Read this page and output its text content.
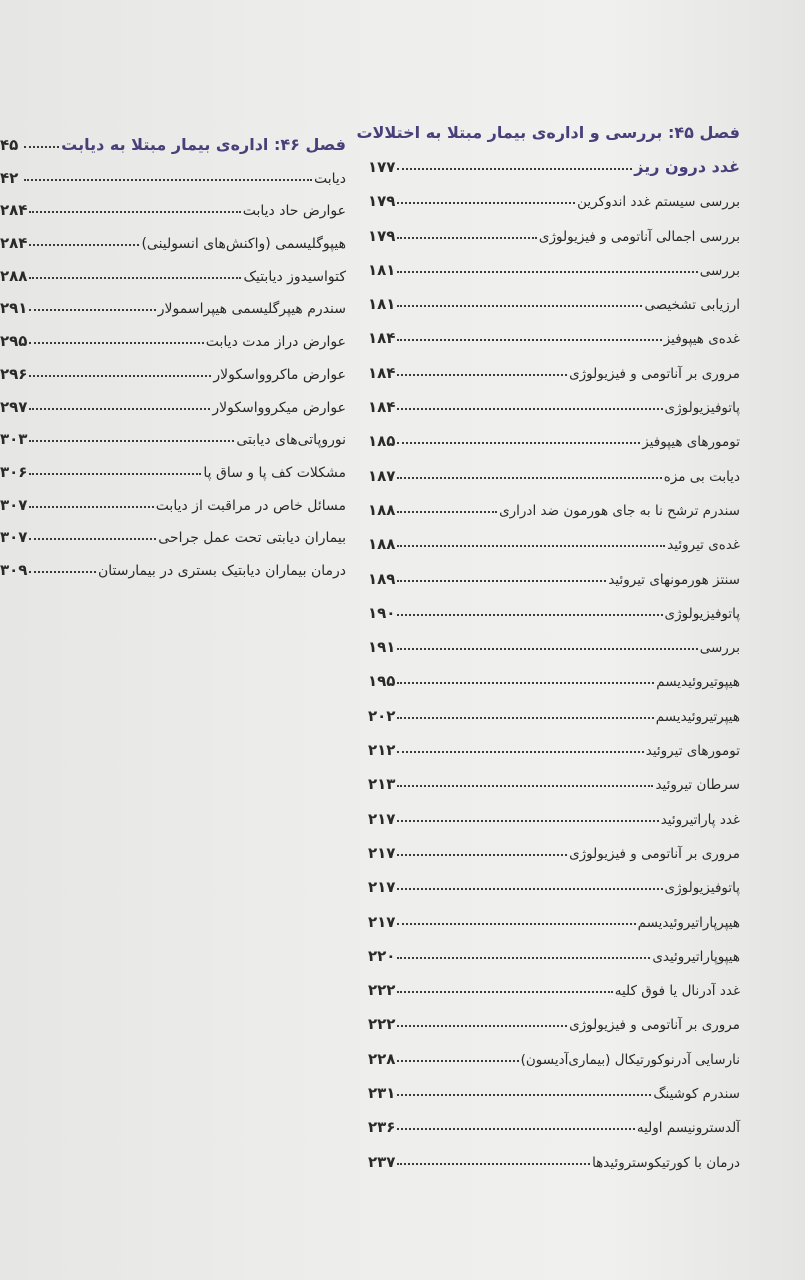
فصل ۴۵: بررسی و اداره‌ی بیمار مبتلا به اختلالات
غدد درون ریز
۱۷۷
بررسی سیستم غدد اندوکرین
۱۷۹
بررسی اجمالی آناتومی و فیزیولوژی
۱۷۹
بررسی
۱۸۱
ارزیابی تشخیصی
۱۸۱
غده‌ی هیپوفیز
۱۸۴
مروری بر آناتومی و فیزیولوژی
۱۸۴
پاتوفیزیولوژی
۱۸۴
تومورهای هیپوفیز
۱۸۵
دیابت بی مزه
۱۸۷
سندرم ترشح نا به جای هورمون ضد ادراری
۱۸۸
غده‌ی تیروئید
۱۸۸
سنتز هورمونهای تیروئید
۱۸۹
پاتوفیزیولوژی
۱۹۰
بررسی
۱۹۱
هیپوتیروئیدیسم
۱۹۵
هیپرتیروئیدیسم
۲۰۲
تومورهای تیروئید
۲۱۲
سرطان تیروئید
۲۱۳
غدد پاراتیروئید
۲۱۷
مروری بر آناتومی و فیزیولوژی
۲۱۷
پاتوفیزیولوژی
۲۱۷
هیپرپاراتیروئیدیسم
۲۱۷
هیپوپاراتیروئیدی
۲۲۰
غدد آدرنال یا فوق کلیه
۲۲۲
مروری بر آناتومی و فیزیولوژی
۲۲۲
نارسایی آدرنوکورتیکال (بیماری‌آدیسون)
۲۲۸
سندرم کوشینگ
۲۳۱
آلدسترونیسم اولیه
۲۳۶
درمان با کورتیکوستروئیدها
۲۳۷
فصل ۴۶: اداره‌ی بیمار مبتلا به دیابت
۴۵
دیابت
۴۲
عوارض حاد دیابت
۲۸۴
هیپوگلیسمی (واکنش‌های انسولینی)
۲۸۴
کتواسیدوز دیابتیک
۲۸۸
سندرم هیپرگلیسمی هیپراسمولار
۲۹۱
عوارض دراز مدت دیابت
۲۹۵
عوارض ماکروواسکولار
۲۹۶
عوارض میکروواسکولار
۲۹۷
نوروپاتی‌های دیابتی
۳۰۳
مشکلات کف پا و ساق پا
۳۰۶
مسائل خاص در مراقبت از دیابت
۳۰۷
بیماران دیابتی تحت عمل جراحی
۳۰۷
درمان بیماران دیابتیک بستری در بیمارستان
۳۰۹
